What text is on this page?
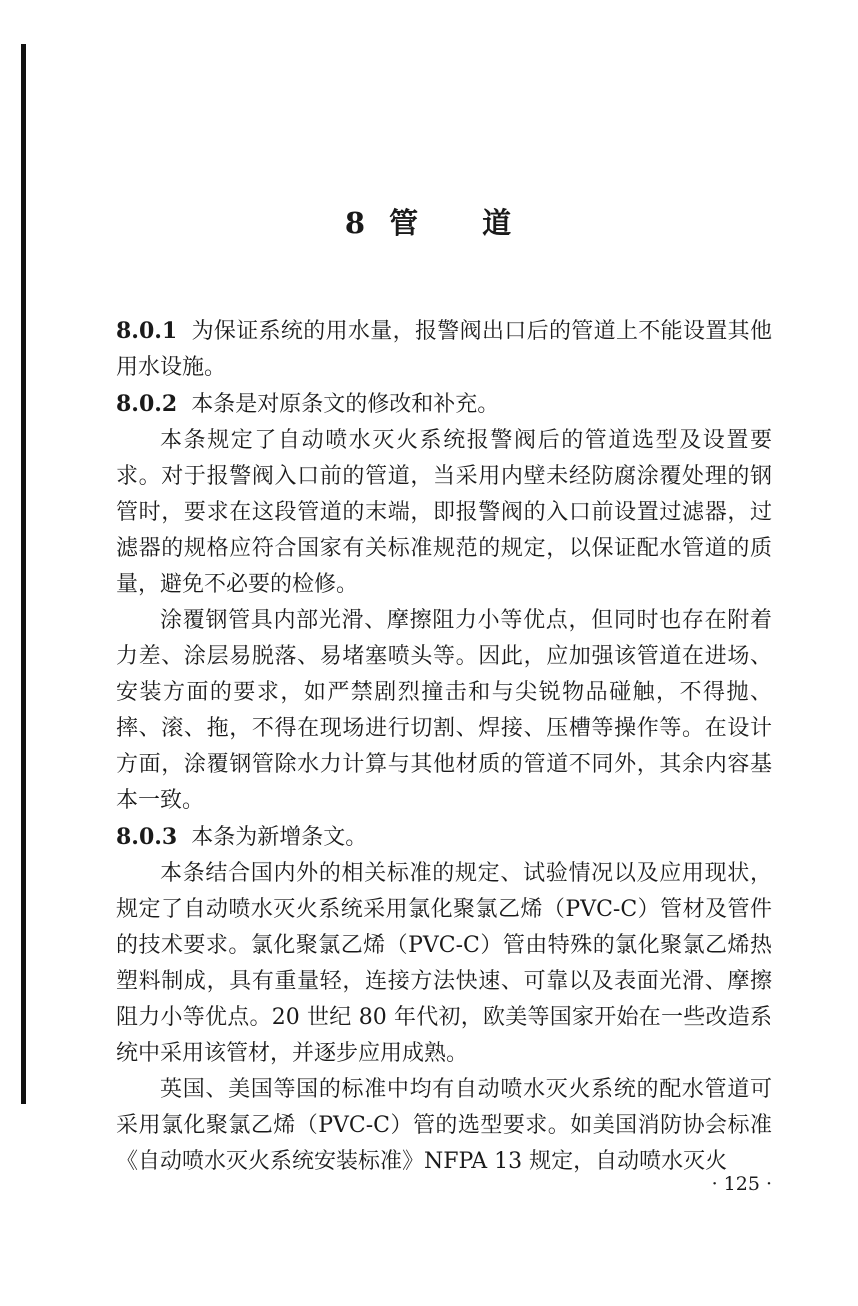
8 管 道

8.0.1 为保证系统的用水量，报警阀出口后的管道上不能设置其他用水设施。

8.0.2 本条是对原条文的修改和补充。

本条规定了自动喷水灭火系统报警阀后的管道选型及设置要求。对于报警阀入口前的管道，当采用内壁未经防腐涂覆处理的钢管时，要求在这段管道的末端，即报警阀的入口前设置过滤器，过滤器的规格应符合国家有关标准规范的规定，以保证配水管道的质量，避免不必要的检修。

涂覆钢管具内部光滑、摩擦阻力小等优点，但同时也存在附着力差、涂层易脱落、易堵塞喷头等。因此，应加强该管道在进场、安装方面的要求，如严禁剧烈撞击和与尖锐物品碰触，不得抛、摔、滚、拖，不得在现场进行切割、焊接、压槽等操作等。在设计方面，涂覆钢管除水力计算与其他材质的管道不同外，其余内容基本一致。

8.0.3 本条为新增条文。

本条结合国内外的相关标准的规定、试验情况以及应用现状，规定了自动喷水灭火系统采用氯化聚氯乙烯（PVC-C）管材及管件的技术要求。氯化聚氯乙烯（PVC-C）管由特殊的氯化聚氯乙烯热塑料制成，具有重量轻，连接方法快速、可靠以及表面光滑、摩擦阻力小等优点。20 世纪 80 年代初，欧美等国家开始在一些改造系统中采用该管材，并逐步应用成熟。

英国、美国等国的标准中均有自动喷水灭火系统的配水管道可采用氯化聚氯乙烯（PVC-C）管的选型要求。如美国消防协会标准《自动喷水灭火系统安装标准》NFPA 13 规定，自动喷水灭火

· 125 ·
